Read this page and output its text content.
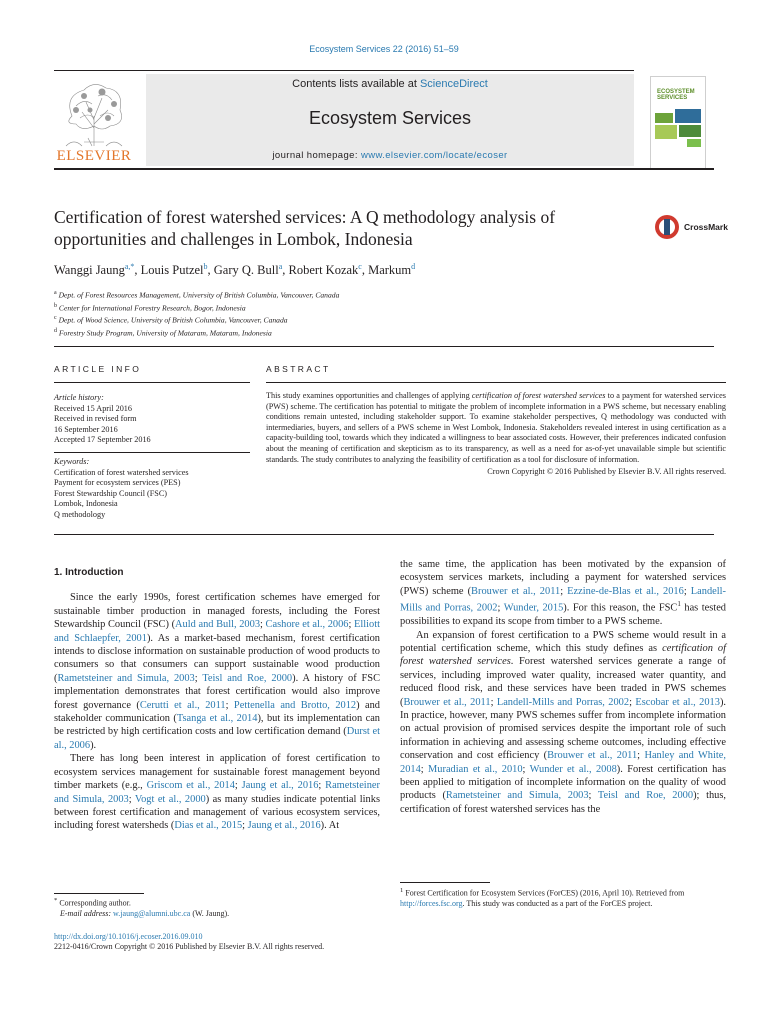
Ecosystem Services 22 (2016) 51–59
ELSEVIER
Contents lists available at ScienceDirect
Ecosystem Services
journal homepage: www.elsevier.com/locate/ecoser
ECOSYSTEM
SERVICES
Certification of forest watershed services: A Q methodology analysis of opportunities and challenges in Lombok, Indonesia
CrossMark
Wanggi Jaung$^{a,*}$, Louis Putzel$^b$, Gary Q. Bull$^a$, Robert Kozak$^c$, Markum$^d$
$^a$ Dept. of Forest Resources Management, University of British Columbia, Vancouver, Canada
$^b$ Center for International Forestry Research, Bogor, Indonesia
$^c$ Dept. of Wood Science, University of British Columbia, Vancouver, Canada
$^d$ Forestry Study Program, University of Mataram, Mataram, Indonesia
ARTICLE INFO
Article history:
Received 15 April 2016
Received in revised form
16 September 2016
Accepted 17 September 2016
Keywords:
Certification of forest watershed services
Payment for ecosystem services (PES)
Forest Stewardship Council (FSC)
Lombok, Indonesia
Q methodology
ABSTRACT
This study examines opportunities and challenges of applying certification of forest watershed services to a payment for watershed services (PWS) scheme. The certification has potential to mitigate the problem of incomplete information in a PWS scheme, but necessary enabling conditions remain untested, including stakeholder support. To examine stakeholder perspectives, Q methodology was conducted with intermediaries, buyers, and sellers of a PWS scheme in West Lombok, Indonesia. Stakeholders revealed interest in using certification as a capacity-building tool, towards which they indicated a willingness to bear associated costs. However, their preferences indicated confusion about the meaning of certification and skepticism as to its transparency, as well as a need for as-of-yet unavailable simple but scientific standards. The study contributes to analyzing the feasibility of certification as a tool for disclosure of information.
Crown Copyright © 2016 Published by Elsevier B.V. All rights reserved.
1. Introduction

Since the early 1990s, forest certification schemes have emerged for sustainable timber production in managed forests, including the Forest Stewardship Council (FSC) (Auld and Bull, 2003; Cashore et al., 2006; Elliott and Schlaepfer, 2001). As a market-based mechanism, forest certification intends to disclose information on sustainable production of wood products to consumers so that consumers can support sustainable wood production (Rametsteiner and Simula, 2003; Teisl and Roe, 2000). A history of FSC implementation demonstrates that forest certification would also improve forest governance (Cerutti et al., 2011; Pettenella and Brotto, 2012) and stakeholder communication (Tsanga et al., 2014), but its implementation can be restricted by high certification costs and low certification demand (Durst et al., 2006).

There has long been interest in application of forest certification to ecosystem services management for sustainable forest management beyond timber markets (e.g., Griscom et al., 2014; Jaung et al., 2016; Rametsteiner and Simula, 2003; Vogt et al., 2000) as many studies indicate potential links between forest certification and management of various ecosystem services, including forest watersheds (Dias et al., 2015; Jaung et al., 2016). At

the same time, the application has been motivated by the expansion of ecosystem services markets, including a payment for watershed services (PWS) scheme (Brouwer et al., 2011; Ezzine-de-Blas et al., 2016; Landell-Mills and Porras, 2002; Wunder, 2015). For this reason, the FSC$^1$ has tested possibilities to expand its scope from timber to a PWS scheme.

An expansion of forest certification to a PWS scheme would result in a potential certification scheme, which this study defines as certification of forest watershed services. Forest watershed services generate a range of services, including improved water quality, increased water quantity, and reduced flood risk, and these services have been traded in PWS schemes (Brouwer et al., 2011; Landell-Mills and Porras, 2002; Escobar et al., 2013). In practice, however, many PWS schemes suffer from incomplete information on actual provision of promised services despite the important role of such information in achieving and assessing scheme outcomes, including effective conservation and cost efficiency (Brouwer et al., 2011; Hanley and White, 2014; Muradian et al., 2010; Wunder et al., 2008). Forest certification has been applied to mitigation of incomplete information on the quality of wood products (Rametsteiner and Simula, 2003; Teisl and Roe, 2000); thus, certification of forest watershed services has the

* Corresponding author.
E-mail address: w.jaung@alumni.ubc.ca (W. Jaung).
http://dx.doi.org/10.1016/j.ecoser.2016.09.010
2212-0416/Crown Copyright © 2016 Published by Elsevier B.V. All rights reserved.
$^1$ Forest Certification for Ecosystem Services (ForCES) (2016, April 10). Retrieved from http://forces.fsc.org. This study was conducted as a part of the ForCES project.
